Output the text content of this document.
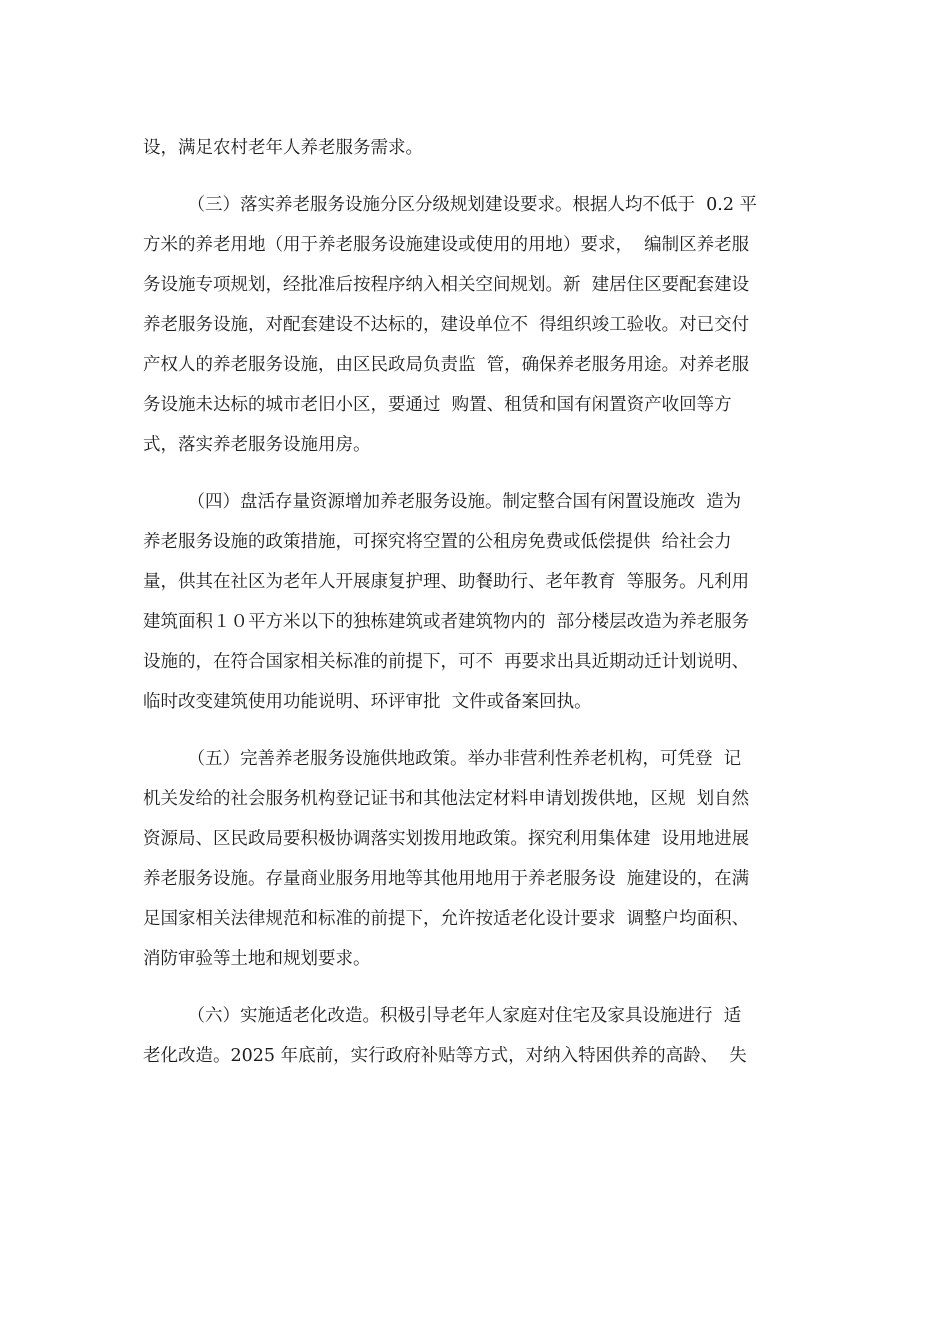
设，满足农村老年人养老服务需求。
（三）落实养老服务设施分区分级规划建设要求。根据人均不低于  0.2 平
方米的养老用地（用于养老服务设施建设或使用的用地）要求，  编制区养老服
务设施专项规划，经批准后按程序纳入相关空间规划。新  建居住区要配套建设
养老服务设施，对配套建设不达标的，建设单位不  得组织竣工验收。对已交付
产权人的养老服务设施，由区民政局负责监  管，确保养老服务用途。对养老服
务设施未达标的城市老旧小区，要通过  购置、租赁和国有闲置资产收回等方
式，落实养老服务设施用房。
（四）盘活存量资源增加养老服务设施。制定整合国有闲置设施改  造为
养老服务设施的政策措施，可探究将空置的公租房免费或低偿提供  给社会力
量，供其在社区为老年人开展康复护理、助餐助行、老年教育  等服务。凡利用
建筑面积１０平方米以下的独栋建筑或者建筑物内的  部分楼层改造为养老服务
设施的，在符合国家相关标准的前提下，可不  再要求出具近期动迁计划说明、
临时改变建筑使用功能说明、环评审批  文件或备案回执。
（五）完善养老服务设施供地政策。举办非营利性养老机构，可凭登  记
机关发给的社会服务机构登记证书和其他法定材料申请划拨供地，区规  划自然
资源局、区民政局要积极协调落实划拨用地政策。探究利用集体建  设用地进展
养老服务设施。存量商业服务用地等其他用地用于养老服务设  施建设的，在满
足国家相关法律规范和标准的前提下，允许按适老化设计要求  调整户均面积、
消防审验等土地和规划要求。
（六）实施适老化改造。积极引导老年人家庭对住宅及家具设施进行  适
老化改造。2025 年底前，实行政府补贴等方式，对纳入特困供养的高龄、  失
